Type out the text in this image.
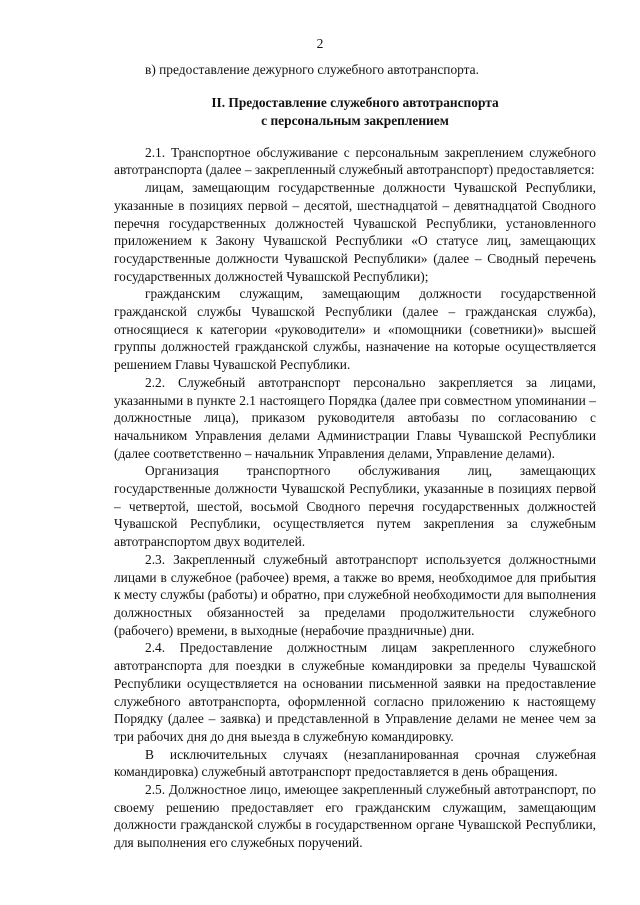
2

в) предоставление дежурного служебного автотранспорта.

II. Предоставление служебного автотранспорта
с персональным закреплением

2.1. Транспортное обслуживание с персональным закреплением служебного автотранспорта (далее – закрепленный служебный автотранспорт) предоставляется:

лицам, замещающим государственные должности Чувашской Республики, указанные в позициях первой – десятой, шестнадцатой – девятнадцатой Сводного перечня государственных должностей Чувашской Республики, установленного приложением к Закону Чувашской Республики «О статусе лиц, замещающих государственные должности Чувашской Республики» (далее – Сводный перечень государственных должностей Чувашской Республики);

гражданским служащим, замещающим должности государственной гражданской службы Чувашской Республики (далее – гражданская служба), относящиеся к категории «руководители» и «помощники (советники)» высшей группы должностей гражданской службы, назначение на которые осуществляется решением Главы Чувашской Республики.

2.2. Служебный автотранспорт персонально закрепляется за лицами, указанными в пункте 2.1 настоящего Порядка (далее при совместном упоминании – должностные лица), приказом руководителя автобазы по согласованию с начальником Управления делами Администрации Главы Чувашской Республики (далее соответственно – начальник Управления делами, Управление делами).

Организация транспортного обслуживания лиц, замещающих государственные должности Чувашской Республики, указанные в позициях первой – четвертой, шестой, восьмой Сводного перечня государственных должностей Чувашской Республики, осуществляется путем закрепления за служебным автотранспортом двух водителей.

2.3. Закрепленный служебный автотранспорт используется должностными лицами в служебное (рабочее) время, а также во время, необходимое для прибытия к месту службы (работы) и обратно, при служебной необходимости для выполнения должностных обязанностей за пределами продолжительности служебного (рабочего) времени, в выходные (нерабочие праздничные) дни.

2.4. Предоставление должностным лицам закрепленного служебного автотранспорта для поездки в служебные командировки за пределы Чувашской Республики осуществляется на основании письменной заявки на предоставление служебного автотранспорта, оформленной согласно приложению к настоящему Порядку (далее – заявка) и представленной в Управление делами не менее чем за три рабочих дня до дня выезда в служебную командировку.

В исключительных случаях (незапланированная срочная служебная командировка) служебный автотранспорт предоставляется в день обращения.

2.5. Должностное лицо, имеющее закрепленный служебный автотранспорт, по своему решению предоставляет его гражданским служащим, замещающим должности гражданской службы в государственном органе Чувашской Республики, для выполнения его служебных поручений.
